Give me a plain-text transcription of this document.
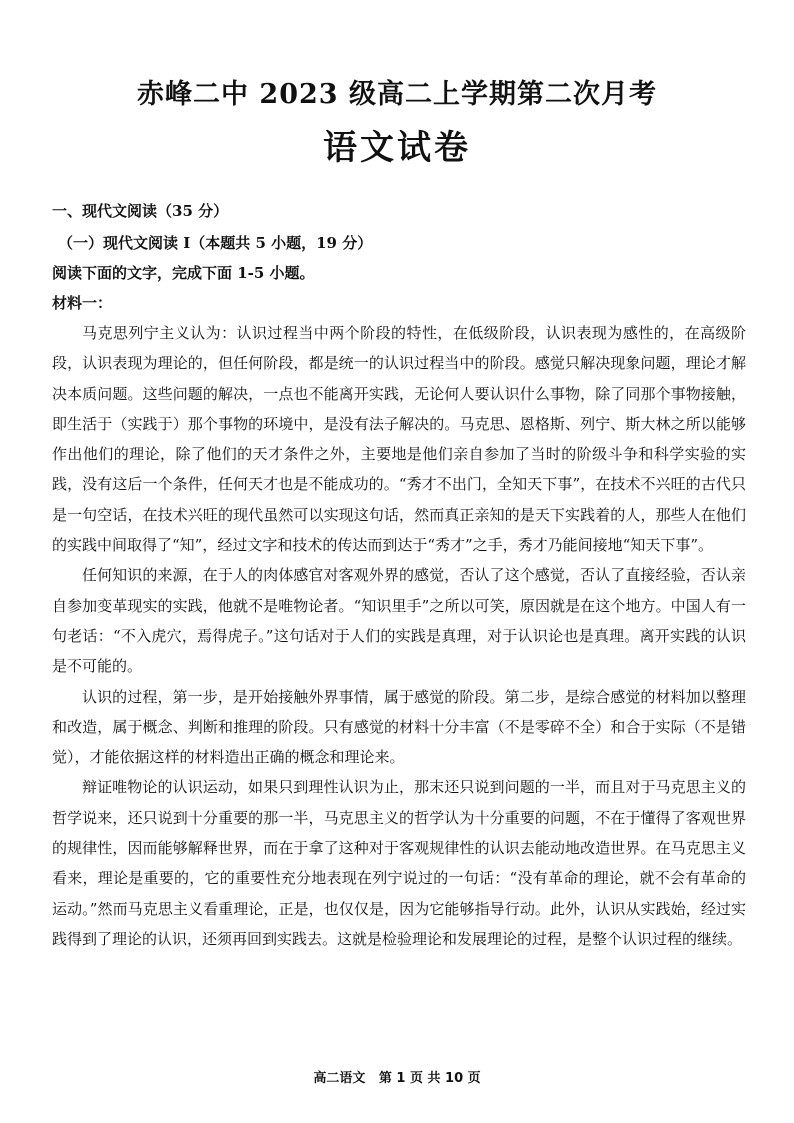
赤峰二中 2023 级高二上学期第二次月考
语文试卷
一、现代文阅读（35 分）
（一）现代文阅读 I（本题共 5 小题，19 分）
阅读下面的文字，完成下面 1-5 小题。
材料一：

马克思列宁主义认为：认识过程当中两个阶段的特性，在低级阶段，认识表现为感性的，在高级阶段，认识表现为理论的，但任何阶段，都是统一的认识过程当中的阶段。感觉只解决现象问题，理论才解决本质问题。这些问题的解决，一点也不能离开实践，无论何人要认识什么事物，除了同那个事物接触，即生活于（实践于）那个事物的环境中，是没有法子解决的。马克思、恩格斯、列宁、斯大林之所以能够作出他们的理论，除了他们的天才条件之外，主要地是他们亲自参加了当时的阶级斗争和科学实验的实践，没有这后一个条件，任何天才也是不能成功的。“秀才不出门，全知天下事”，在技术不兴旺的古代只是一句空话，在技术兴旺的现代虽然可以实现这句话，然而真正亲知的是天下实践着的人，那些人在他们的实践中间取得了“知”，经过文字和技术的传达而到达于“秀才”之手，秀才乃能间接地“知天下事”。

任何知识的来源，在于人的肉体感官对客观外界的感觉，否认了这个感觉，否认了直接经验，否认亲自参加变革现实的实践，他就不是唯物论者。“知识里手”之所以可笑，原因就是在这个地方。中国人有一句老话：“不入虎穴，焉得虎子。”这句话对于人们的实践是真理，对于认识论也是真理。离开实践的认识是不可能的。

认识的过程，第一步，是开始接触外界事情，属于感觉的阶段。第二步，是综合感觉的材料加以整理和改造，属于概念、判断和推理的阶段。只有感觉的材料十分丰富（不是零碎不全）和合于实际（不是错觉），才能依据这样的材料造出正确的概念和理论来。

辩证唯物论的认识运动，如果只到理性认识为止，那末还只说到问题的一半，而且对于马克思主义的哲学说来，还只说到十分重要的那一半，马克思主义的哲学认为十分重要的问题，不在于懂得了客观世界的规律性，因而能够解释世界，而在于拿了这种对于客观规律性的认识去能动地改造世界。在马克思主义看来，理论是重要的，它的重要性充分地表现在列宁说过的一句话：“没有革命的理论，就不会有革命的运动。”然而马克思主义看重理论，正是，也仅仅是，因为它能够指导行动。此外，认识从实践始，经过实践得到了理论的认识，还须再回到实践去。这就是检验理论和发展理论的过程，是整个认识过程的继续。

高二语文   第 1 页 共 10 页
